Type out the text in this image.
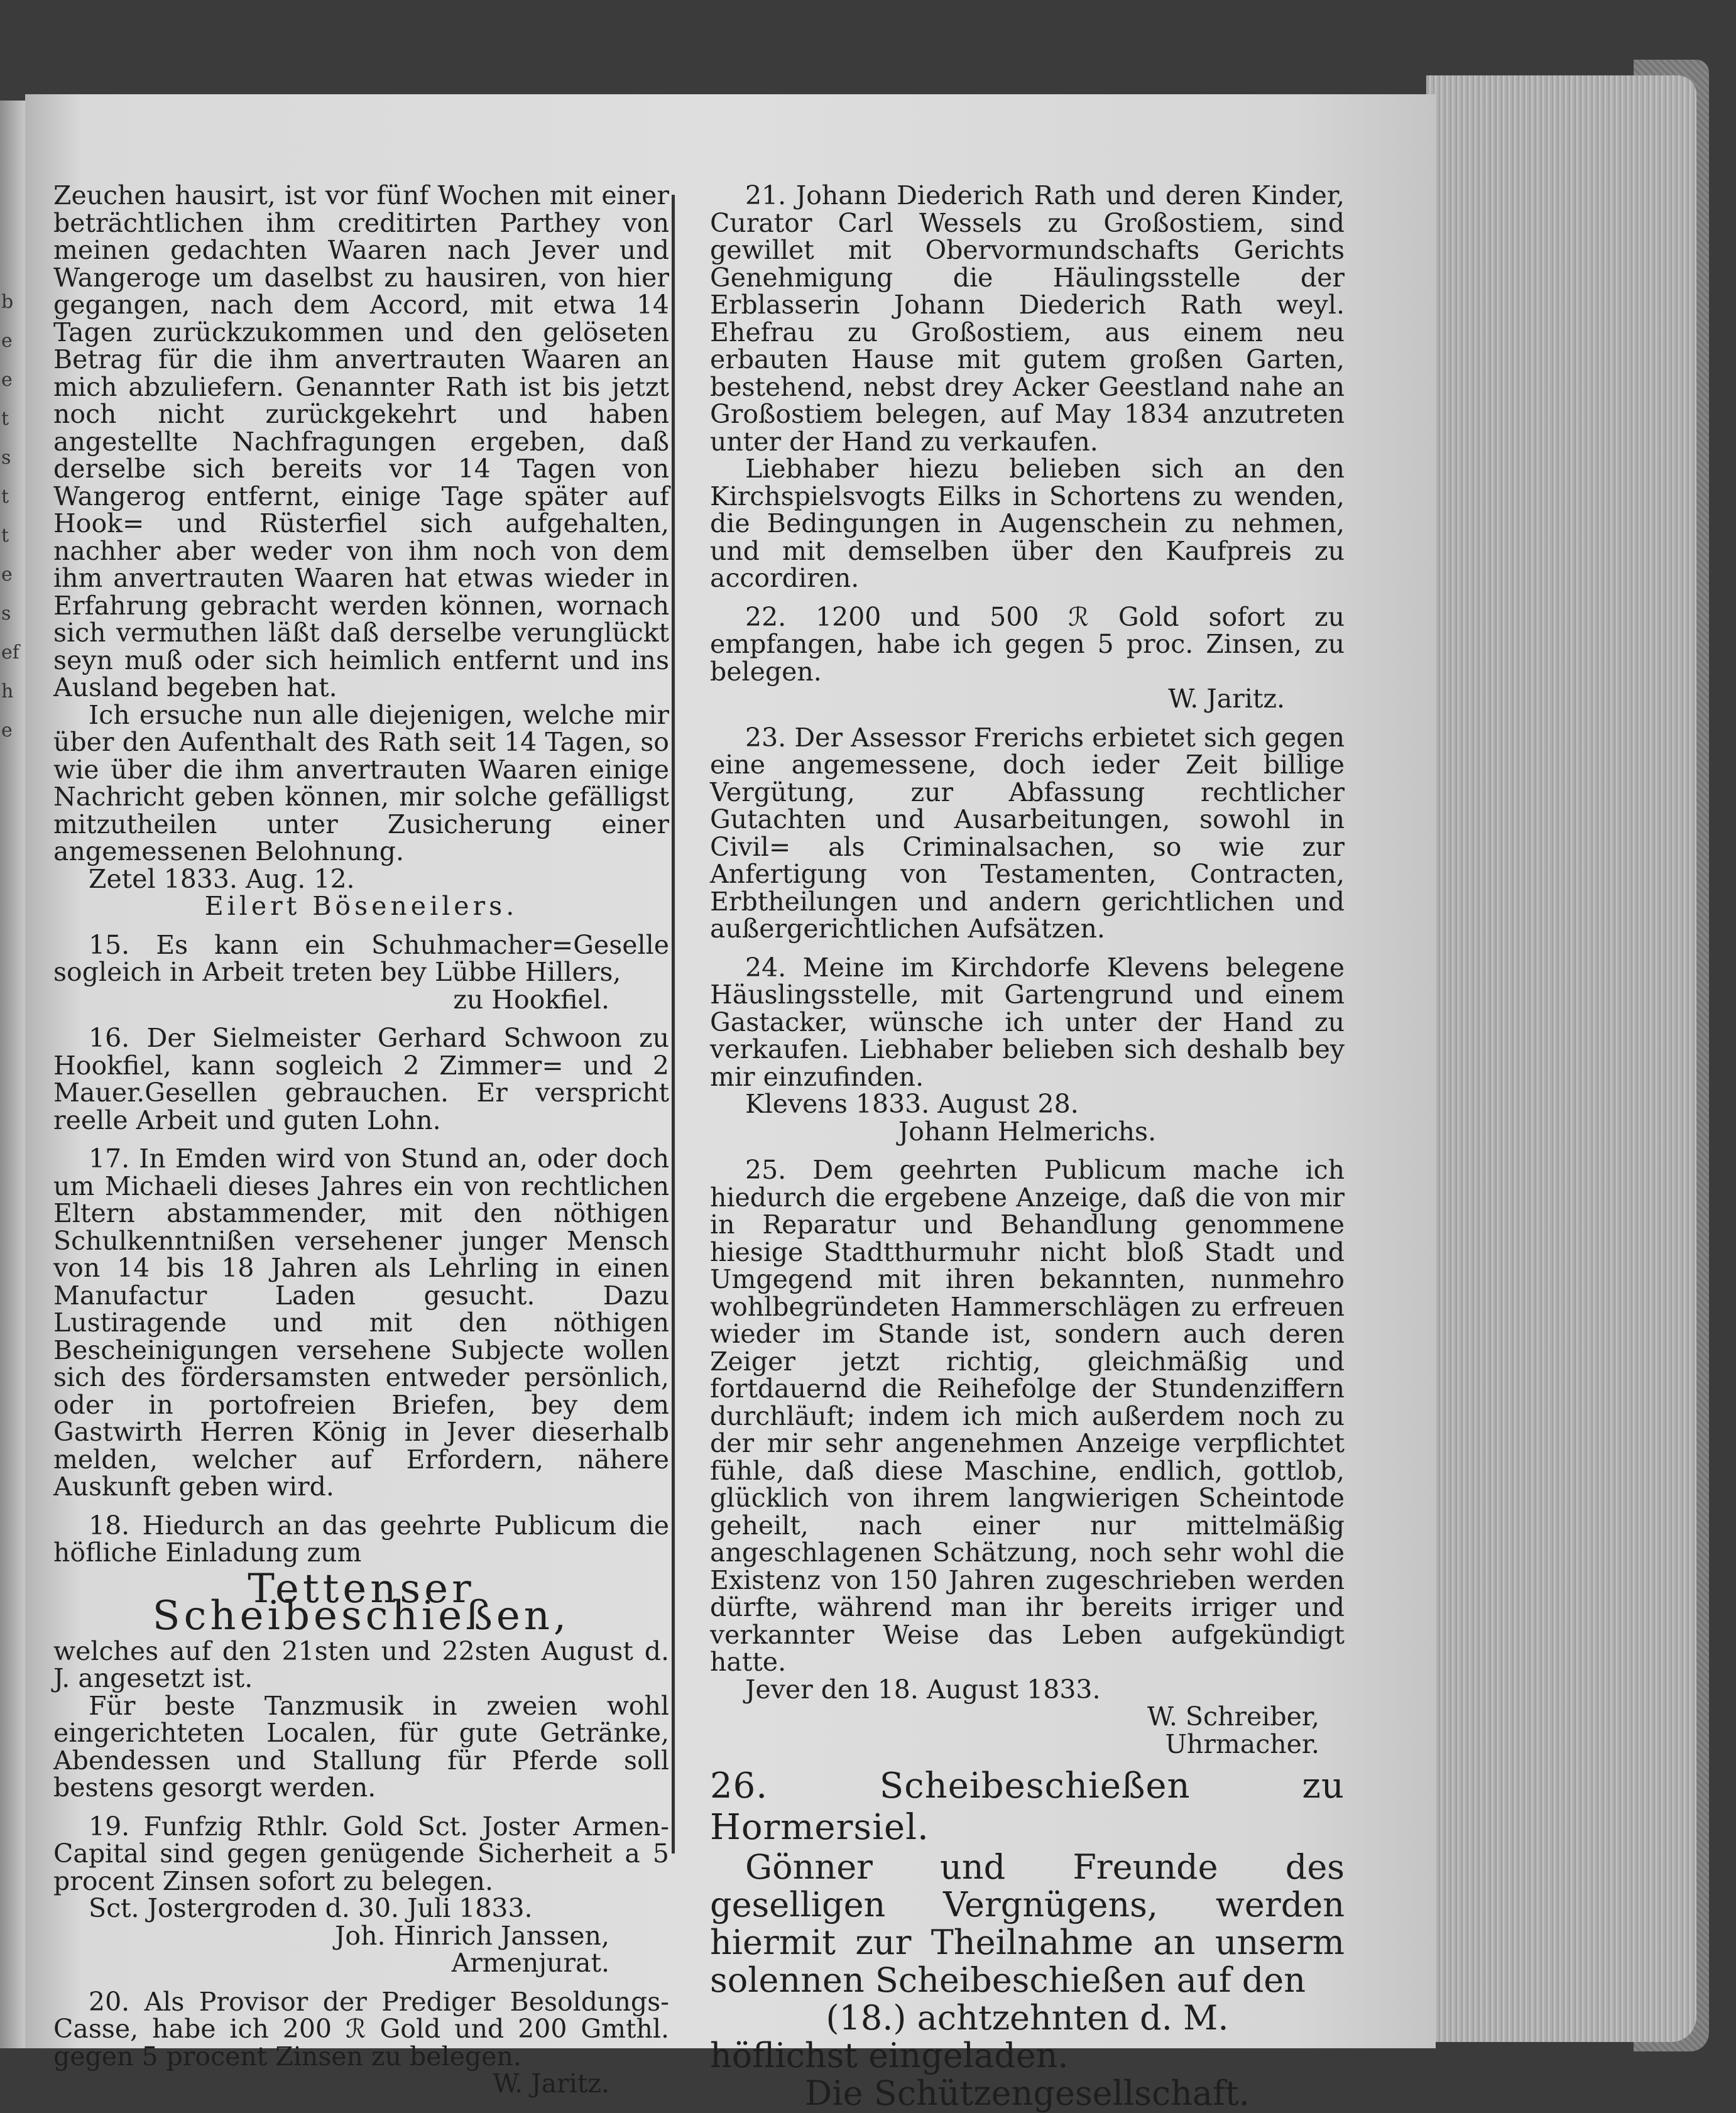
b
e
e
t
s
t
t
e
s
ef
h
e

Zeuchen hausirt, ist vor fünf Wochen mit einer beträchtlichen ihm creditirten Parthey von meinen gedachten Waaren nach Jever und Wangeroge um daselbst zu hausiren, von hier gegangen, nach dem Accord, mit etwa 14 Tagen zurückzukommen und den gelöseten Betrag für die ihm anvertrauten Waaren an mich abzuliefern. Genannter Rath ist bis jetzt noch nicht zurückgekehrt und haben angestellte Nachfragungen ergeben, daß derselbe sich bereits vor 14 Tagen von Wangerog entfernt, einige Tage später auf Hook= und Rüsterfiel sich aufgehalten, nachher aber weder von ihm noch von dem ihm anvertrauten Waaren hat etwas wieder in Erfahrung gebracht werden können, wornach sich vermuthen läßt daß derselbe verunglückt seyn muß oder sich heimlich entfernt und ins Ausland begeben hat.

Ich ersuche nun alle diejenigen, welche mir über den Aufenthalt des Rath seit 14 Tagen, so wie über die ihm anvertrauten Waaren einige Nachricht geben können, mir solche gefälligst mitzutheilen unter Zusicherung einer angemessenen Belohnung.

Zetel 1833. Aug. 12.

Eilert Böseneilers.

15. Es kann ein Schuhmacher=Geselle sogleich in Arbeit treten bey Lübbe Hillers,

zu Hookfiel.

16. Der Sielmeister Gerhard Schwoon zu Hookfiel, kann sogleich 2 Zimmer= und 2 Mauer.Gesellen gebrauchen. Er verspricht reelle Arbeit und guten Lohn.

17. In Emden wird von Stund an, oder doch um Michaeli dieses Jahres ein von rechtlichen Eltern abstammender, mit den nöthigen Schulkenntnißen versehener junger Mensch von 14 bis 18 Jahren als Lehrling in einen Manufactur Laden gesucht. Dazu Lustiragende und mit den nöthigen Bescheinigungen versehene Subjecte wollen sich des fördersamsten entweder persönlich, oder in portofreien Briefen, bey dem Gastwirth Herren König in Jever dieserhalb melden, welcher auf Erfordern, nähere Auskunft geben wird.

18. Hiedurch an das geehrte Publicum die höfliche Einladung zum

Tettenser Scheibeschießen,

welches auf den 21sten und 22sten August d. J. angesetzt ist.

Für beste Tanzmusik in zweien wohl eingerichteten Localen, für gute Getränke, Abendessen und Stallung für Pferde soll bestens gesorgt werden.

19. Funfzig Rthlr. Gold Sct. Joster Armen-Capital sind gegen genügende Sicherheit a 5 procent Zinsen sofort zu belegen.

Sct. Jostergroden d. 30. Juli 1833.

Joh. Hinrich Janssen,

Armenjurat.

20. Als Provisor der Prediger Besoldungs-Casse, habe ich 200 ℛ Gold und 200 Gmthl. gegen 5 procent Zinsen zu belegen.

W. Jaritz.

21. Johann Diederich Rath und deren Kinder, Curator Carl Wessels zu Großostiem, sind gewillet mit Obervormundschafts Gerichts Genehmigung die Häulingsstelle der Erblasserin Johann Diederich Rath weyl. Ehefrau zu Großostiem, aus einem neu erbauten Hause mit gutem großen Garten, bestehend, nebst drey Acker Geestland nahe an Großostiem belegen, auf May 1834 anzutreten unter der Hand zu verkaufen.

Liebhaber hiezu belieben sich an den Kirchspielsvogts Eilks in Schortens zu wenden, die Bedingungen in Augenschein zu nehmen, und mit demselben über den Kaufpreis zu accordiren.

22. 1200 und 500 ℛ Gold sofort zu empfangen, habe ich gegen 5 proc. Zinsen, zu belegen.

W. Jaritz.

23. Der Assessor Frerichs erbietet sich gegen eine angemessene, doch ieder Zeit billige Vergütung, zur Abfassung rechtlicher Gutachten und Ausarbeitungen, sowohl in Civil= als Criminalsachen, so wie zur Anfertigung von Testamenten, Contracten, Erbtheilungen und andern gerichtlichen und außergerichtlichen Aufsätzen.

24. Meine im Kirchdorfe Klevens belegene Häuslingsstelle, mit Gartengrund und einem Gastacker, wünsche ich unter der Hand zu verkaufen. Liebhaber belieben sich deshalb bey mir einzufinden.

Klevens 1833. August 28.

Johann Helmerichs.

25. Dem geehrten Publicum mache ich hiedurch die ergebene Anzeige, daß die von mir in Reparatur und Behandlung genommene hiesige Stadtthurmuhr nicht bloß Stadt und Umgegend mit ihren bekannten, nunmehro wohlbegründeten Hammerschlägen zu erfreuen wieder im Stande ist, sondern auch deren Zeiger jetzt richtig, gleichmäßig und fortdauernd die Reihefolge der Stundenziffern durchläuft; indem ich mich außerdem noch zu der mir sehr angenehmen Anzeige verpflichtet fühle, daß diese Maschine, endlich, gottlob, glücklich von ihrem langwierigen Scheintode geheilt, nach einer nur mittelmäßig angeschlagenen Schätzung, noch sehr wohl die Existenz von 150 Jahren zugeschrieben werden dürfte, während man ihr bereits irriger und verkannter Weise das Leben aufgekündigt hatte.

Jever den 18. August 1833.

W. Schreiber,

Uhrmacher.

26. Scheibeschießen zu Hormersiel.

Gönner und Freunde des geselligen Vergnügens, werden hiermit zur Theilnahme an unserm solennen Scheibeschießen auf den

(18.) achtzehnten d. M.

höflichst eingeladen.

Die Schützengesellschaft.
